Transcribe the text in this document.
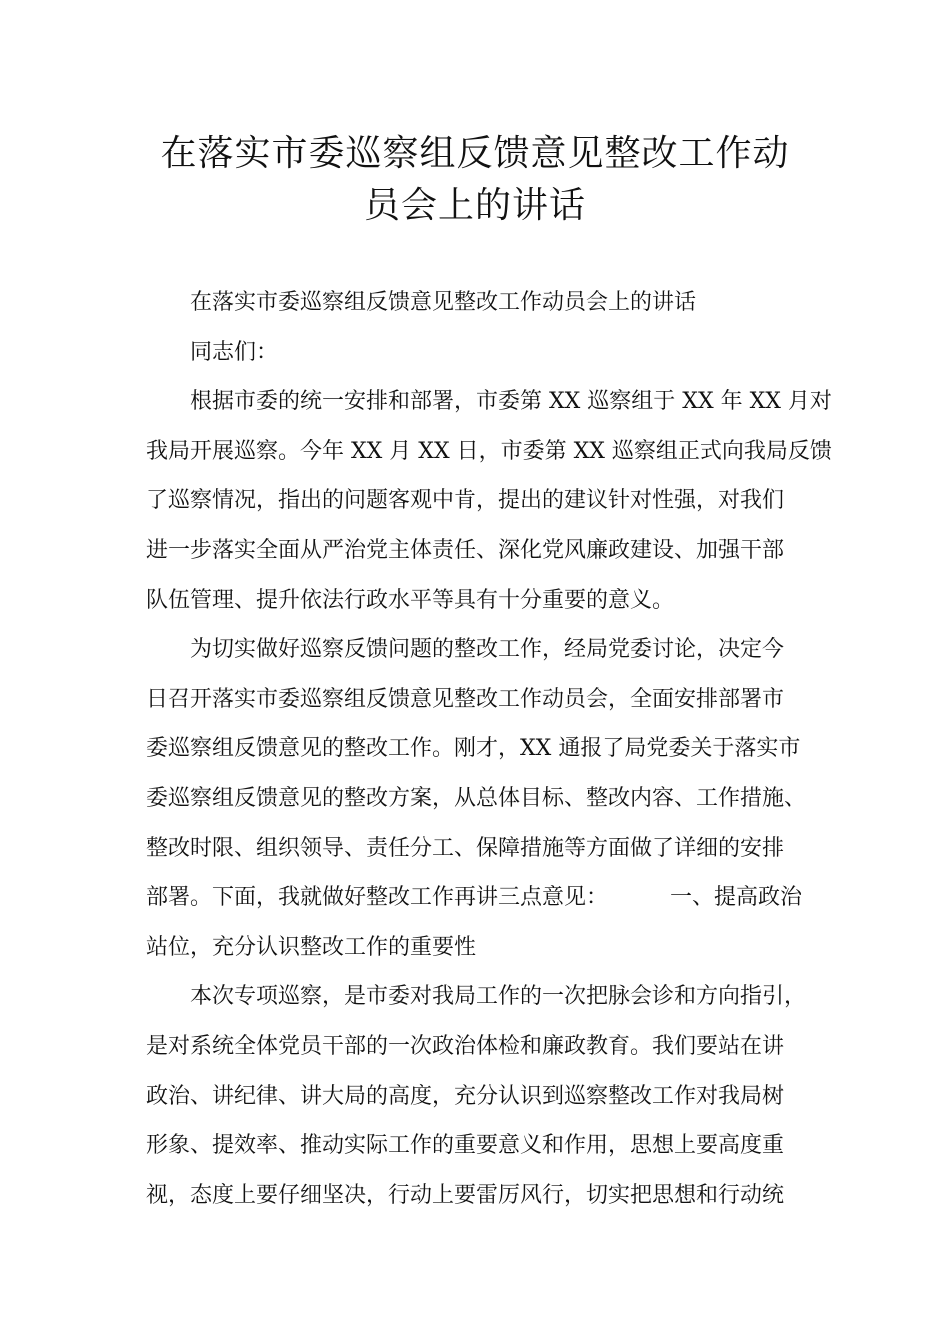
在落实市委巡察组反馈意见整改工作动
员会上的讲话
在落实市委巡察组反馈意见整改工作动员会上的讲话
同志们：
根据市委的统一安排和部署，市委第 XX 巡察组于 XX 年 XX 月对
我局开展巡察。今年 XX 月 XX 日，市委第 XX 巡察组正式向我局反馈
了巡察情况，指出的问题客观中肯，提出的建议针对性强，对我们
进一步落实全面从严治党主体责任、深化党风廉政建设、加强干部
队伍管理、提升依法行政水平等具有十分重要的意义。
为切实做好巡察反馈问题的整改工作，经局党委讨论，决定今
日召开落实市委巡察组反馈意见整改工作动员会，全面安排部署市
委巡察组反馈意见的整改工作。刚才，XX 通报了局党委关于落实市
委巡察组反馈意见的整改方案，从总体目标、整改内容、工作措施、
整改时限、组织领导、责任分工、保障措施等方面做了详细的安排
部署。下面，我就做好整改工作再讲三点意见：	一、提高政治
站位，充分认识整改工作的重要性
本次专项巡察，是市委对我局工作的一次把脉会诊和方向指引，
是对系统全体党员干部的一次政治体检和廉政教育。我们要站在讲
政治、讲纪律、讲大局的高度，充分认识到巡察整改工作对我局树
形象、提效率、推动实际工作的重要意义和作用，思想上要高度重
视，态度上要仔细坚决，行动上要雷厉风行，切实把思想和行动统
